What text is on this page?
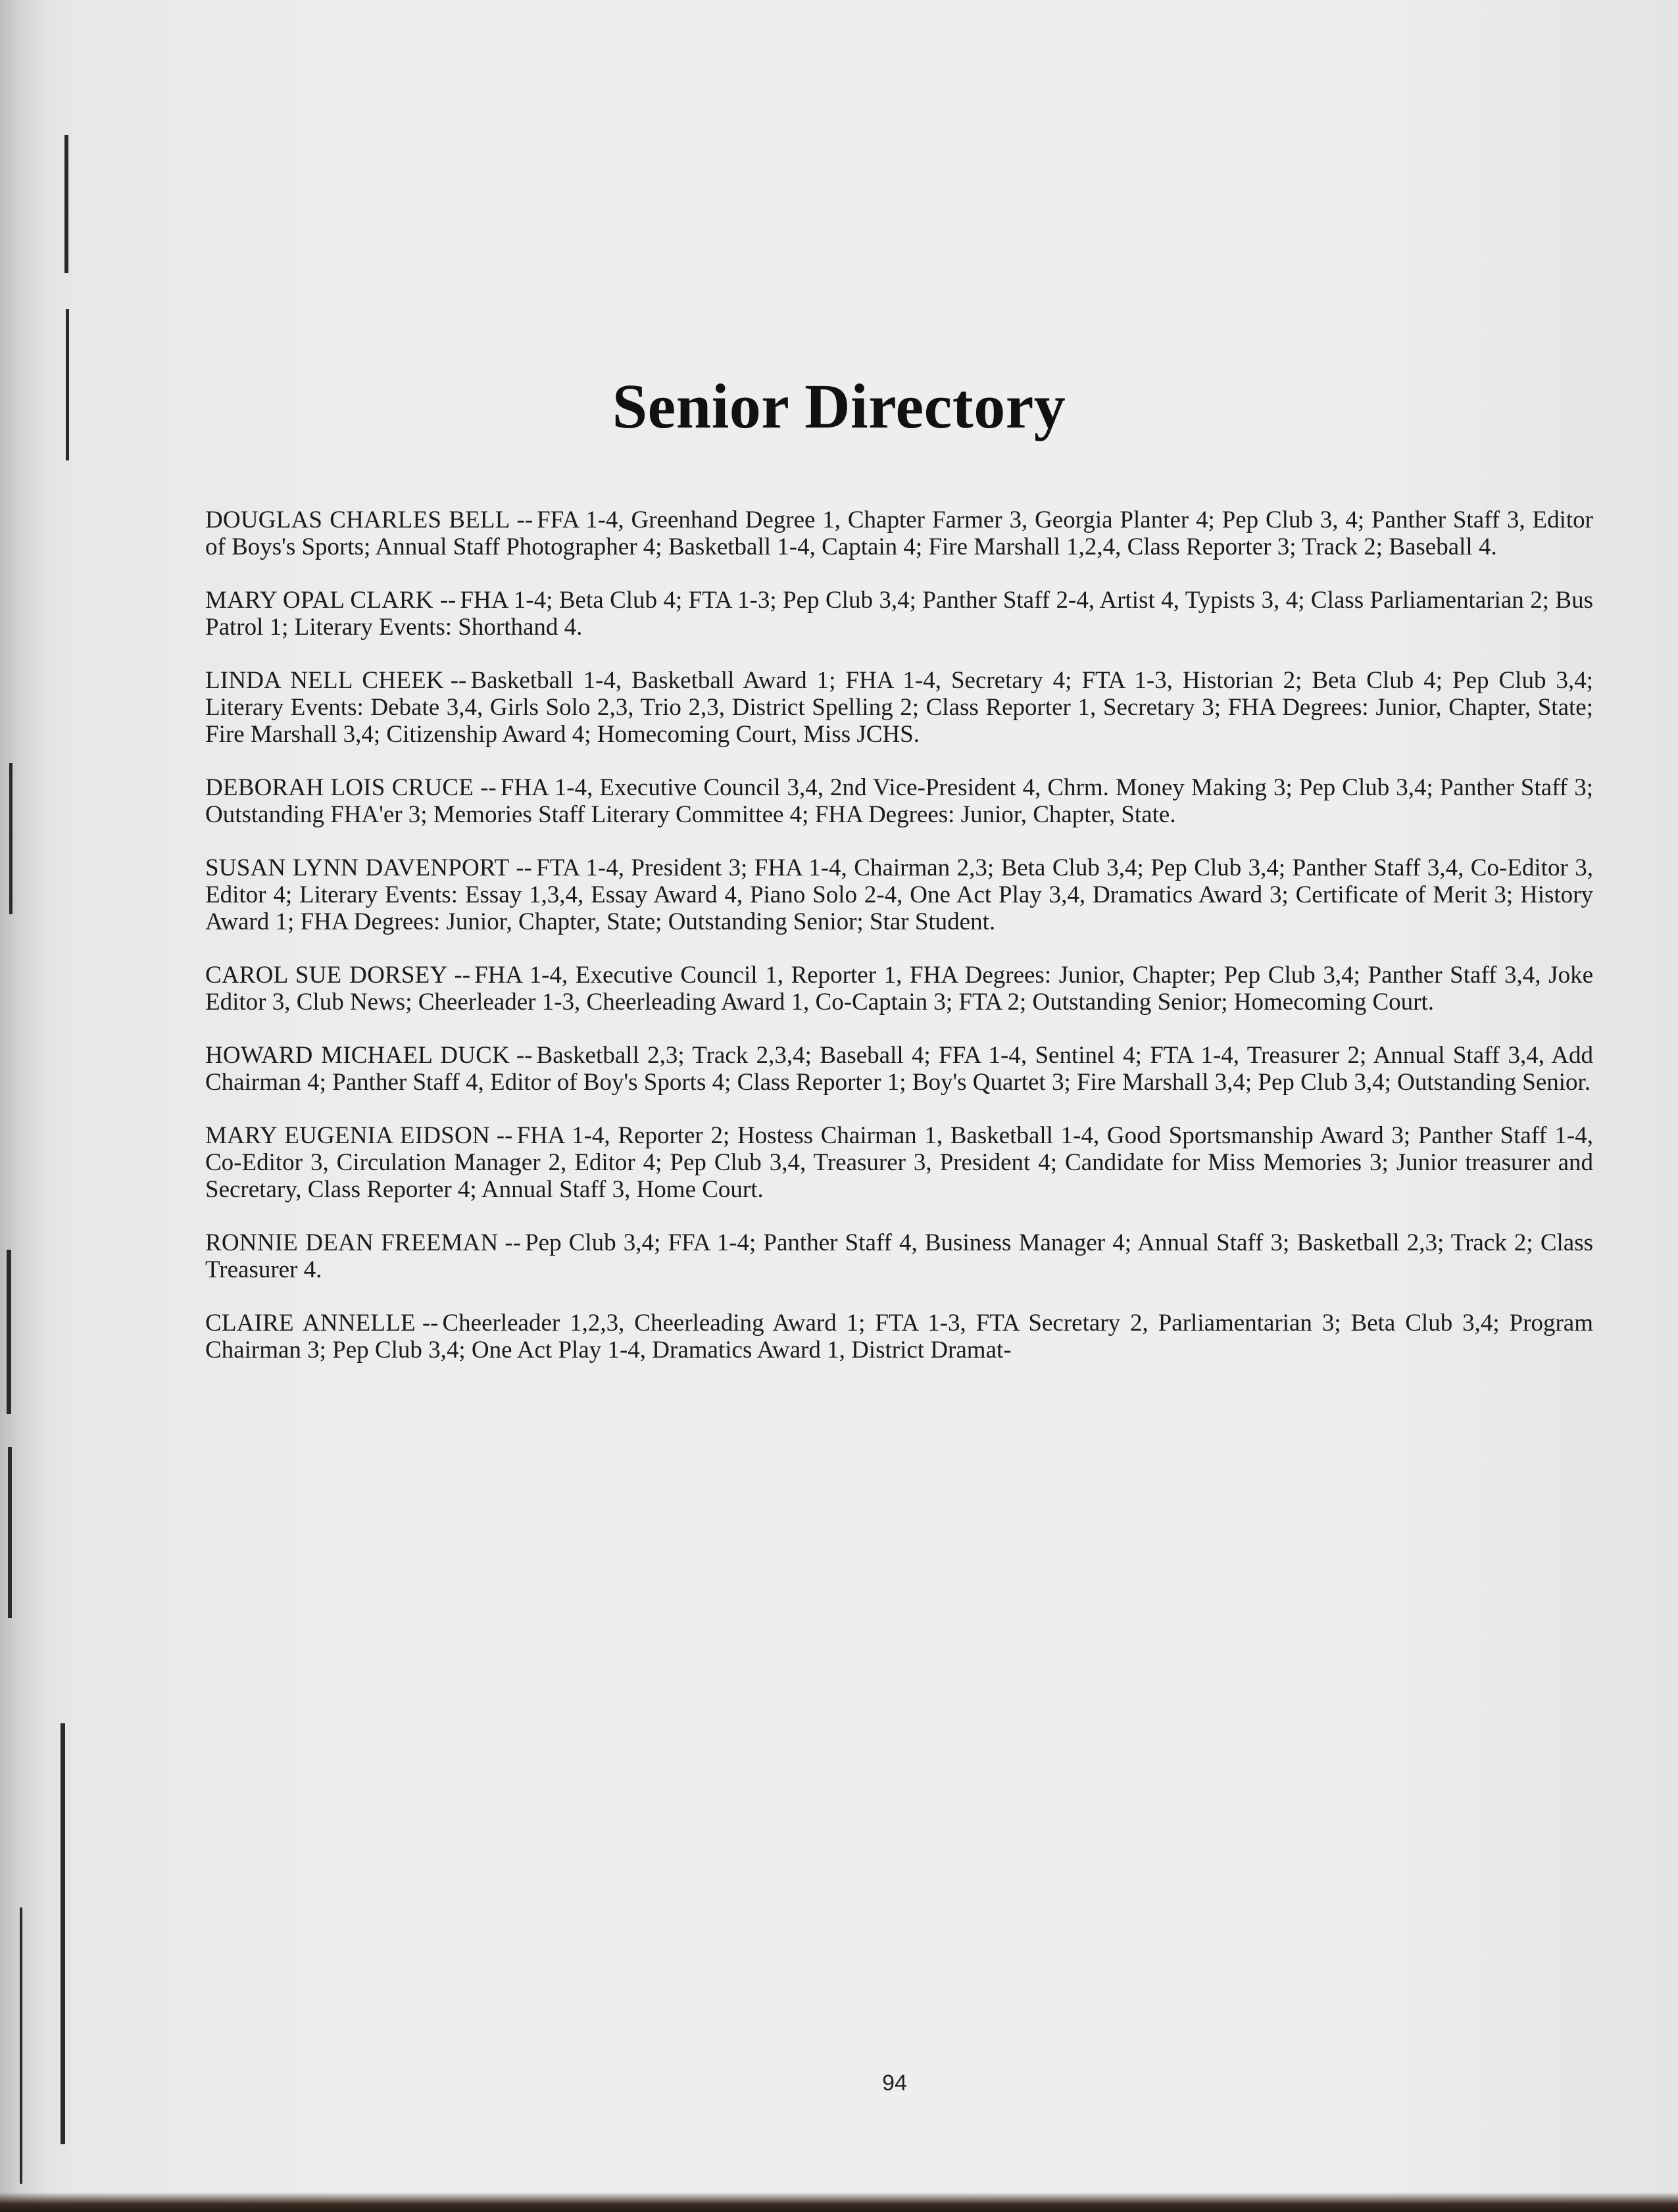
Senior Directory

DOUGLAS CHARLES BELL -- FFA 1-4, Greenhand Degree 1, Chapter Farmer 3, Georgia Planter 4; Pep Club 3, 4; Panther Staff 3, Editor of Boys's Sports; Annual Staff Photographer 4; Basketball 1-4, Captain 4; Fire Marshall 1,2,4, Class Reporter 3; Track 2; Baseball 4.

MARY OPAL CLARK -- FHA 1-4; Beta Club 4; FTA 1-3; Pep Club 3,4; Panther Staff 2-4, Artist 4, Typists 3, 4; Class Parliamentarian 2; Bus Patrol 1; Literary Events: Shorthand 4.

LINDA NELL CHEEK -- Basketball 1-4, Basketball Award 1; FHA 1-4, Secretary 4; FTA 1-3, Historian 2; Beta Club 4; Pep Club 3,4; Literary Events: Debate 3,4, Girls Solo 2,3, Trio 2,3, District Spelling 2; Class Reporter 1, Secretary 3; FHA Degrees: Junior, Chapter, State; Fire Marshall 3,4; Citizenship Award 4; Homecoming Court, Miss JCHS.

DEBORAH LOIS CRUCE -- FHA 1-4, Executive Council 3,4, 2nd Vice-President 4, Chrm. Money Making 3; Pep Club 3,4; Panther Staff 3; Outstanding FHA'er 3; Memories Staff Literary Committee 4; FHA Degrees: Junior, Chapter, State.

SUSAN LYNN DAVENPORT -- FTA 1-4, President 3; FHA 1-4, Chairman 2,3; Beta Club 3,4; Pep Club 3,4; Panther Staff 3,4, Co-Editor 3, Editor 4; Literary Events: Essay 1,3,4, Essay Award 4, Piano Solo 2-4, One Act Play 3,4, Dramatics Award 3; Certificate of Merit 3; History Award 1; FHA Degrees: Junior, Chapter, State; Outstanding Senior; Star Student.

CAROL SUE DORSEY -- FHA 1-4, Executive Council 1, Reporter 1, FHA Degrees: Junior, Chapter; Pep Club 3,4; Panther Staff 3,4, Joke Editor 3, Club News; Cheerleader 1-3, Cheerleading Award 1, Co-Captain 3; FTA 2; Outstanding Senior; Homecoming Court.

HOWARD MICHAEL DUCK -- Basketball 2,3; Track 2,3,4; Baseball 4; FFA 1-4, Sentinel 4; FTA 1-4, Treasurer 2; Annual Staff 3,4, Add Chairman 4; Panther Staff 4, Editor of Boy's Sports 4; Class Reporter 1; Boy's Quartet 3; Fire Marshall 3,4; Pep Club 3,4; Outstanding Senior.

MARY EUGENIA EIDSON -- FHA 1-4, Reporter 2; Hostess Chairman 1, Basketball 1-4, Good Sportsmanship Award 3; Panther Staff 1-4, Co-Editor 3, Circulation Manager 2, Editor 4; Pep Club 3,4, Treasurer 3, President 4; Candidate for Miss Memories 3; Junior treasurer and Secretary, Class Reporter 4; Annual Staff 3, Home Court.

RONNIE DEAN FREEMAN -- Pep Club 3,4; FFA 1-4; Panther Staff 4, Business Manager 4; Annual Staff 3; Basketball 2,3; Track 2; Class Treasurer 4.

CLAIRE ANNELLE -- Cheerleader 1,2,3, Cheerleading Award 1; FTA 1-3, FTA Secretary 2, Parliamentarian 3; Beta Club 3,4; Program Chairman 3; Pep Club 3,4; One Act Play 1-4, Dramatics Award 1, District Dramat-

94
